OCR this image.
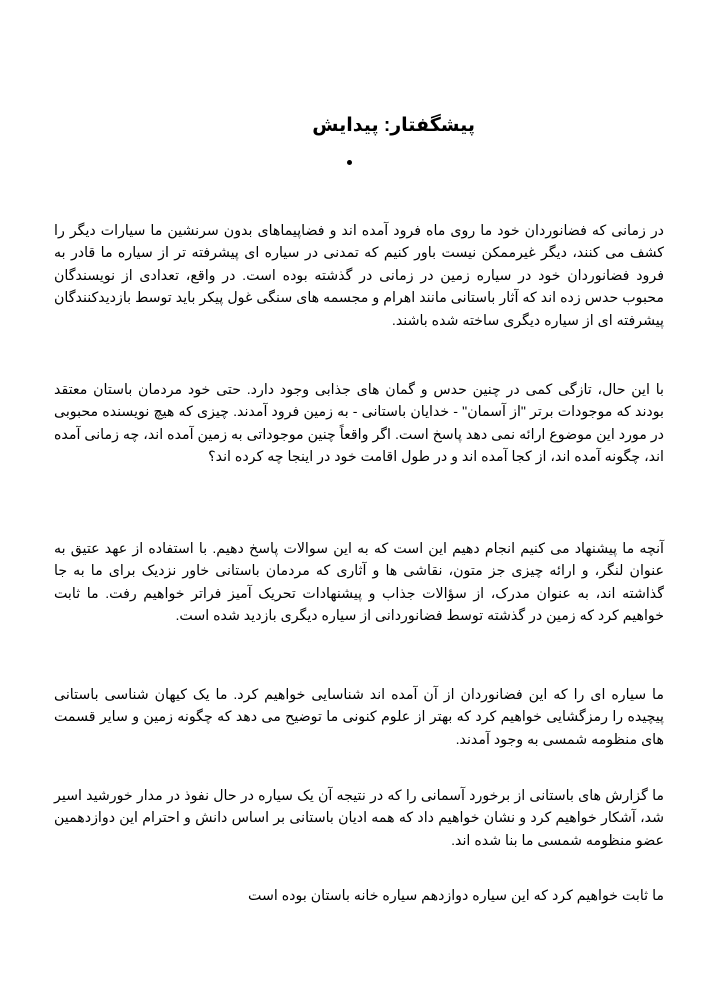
پیشگفتار: پیدایش

در زمانی که فضانوردان خود ما روی ماه فرود آمده اند و فضاپیماهای بدون سرنشین ما سیارات دیگر را کشف می کنند، دیگر غیرممکن نیست باور کنیم که تمدنی در سیاره ای پیشرفته تر از سیاره ما قادر به فرود فضانوردان خود در سیاره زمین در زمانی در گذشته بوده است. در واقع، تعدادی از نویسندگان محبوب حدس زده اند که آثار باستانی مانند اهرام و مجسمه های سنگی غول پیکر باید توسط بازدیدکنندگان پیشرفته ای از سیاره دیگری ساخته شده باشند.

با این حال، تازگی کمی در چنین حدس و گمان های جذابی وجود دارد. حتی خود مردمان باستان معتقد بودند که موجودات برتر "از آسمان" - خدایان باستانی - به زمین فرود آمدند. چیزی که هیچ نویسنده محبوبی در مورد این موضوع ارائه نمی دهد پاسخ است. اگر واقعاً چنین موجوداتی به زمین آمده اند، چه زمانی آمده اند، چگونه آمده اند، از کجا آمده اند و در طول اقامت خود در اینجا چه کرده اند؟

آنچه ما پیشنهاد می کنیم انجام دهیم این است که به این سوالات پاسخ دهیم. با استفاده از عهد عتیق به عنوان لنگر، و ارائه چیزی جز متون، نقاشی ها و آثاری که مردمان باستانی خاور نزدیک برای ما به جا گذاشته اند، به عنوان مدرک، از سؤالات جذاب و پیشنهادات تحریک آمیز فراتر خواهیم رفت. ما ثابت خواهیم کرد که زمین در گذشته توسط فضانوردانی از سیاره دیگری بازدید شده است.

ما سیاره ای را که این فضانوردان از آن آمده اند شناسایی خواهیم کرد. ما یک کیهان شناسی باستانی پیچیده را رمزگشایی خواهیم کرد که بهتر از علوم کنونی ما توضیح می دهد که چگونه زمین و سایر قسمت های منظومه شمسی به وجود آمدند.

ما گزارش های باستانی از برخورد آسمانی را که در نتیجه آن یک سیاره در حال نفوذ در مدار خورشید اسیر شد، آشکار خواهیم کرد و نشان خواهیم داد که همه ادیان باستانی بر اساس دانش و احترام این دوازدهمین عضو منظومه شمسی ما بنا شده اند.

ما ثابت خواهیم کرد که این سیاره دوازدهم سیاره خانه باستان بوده است
